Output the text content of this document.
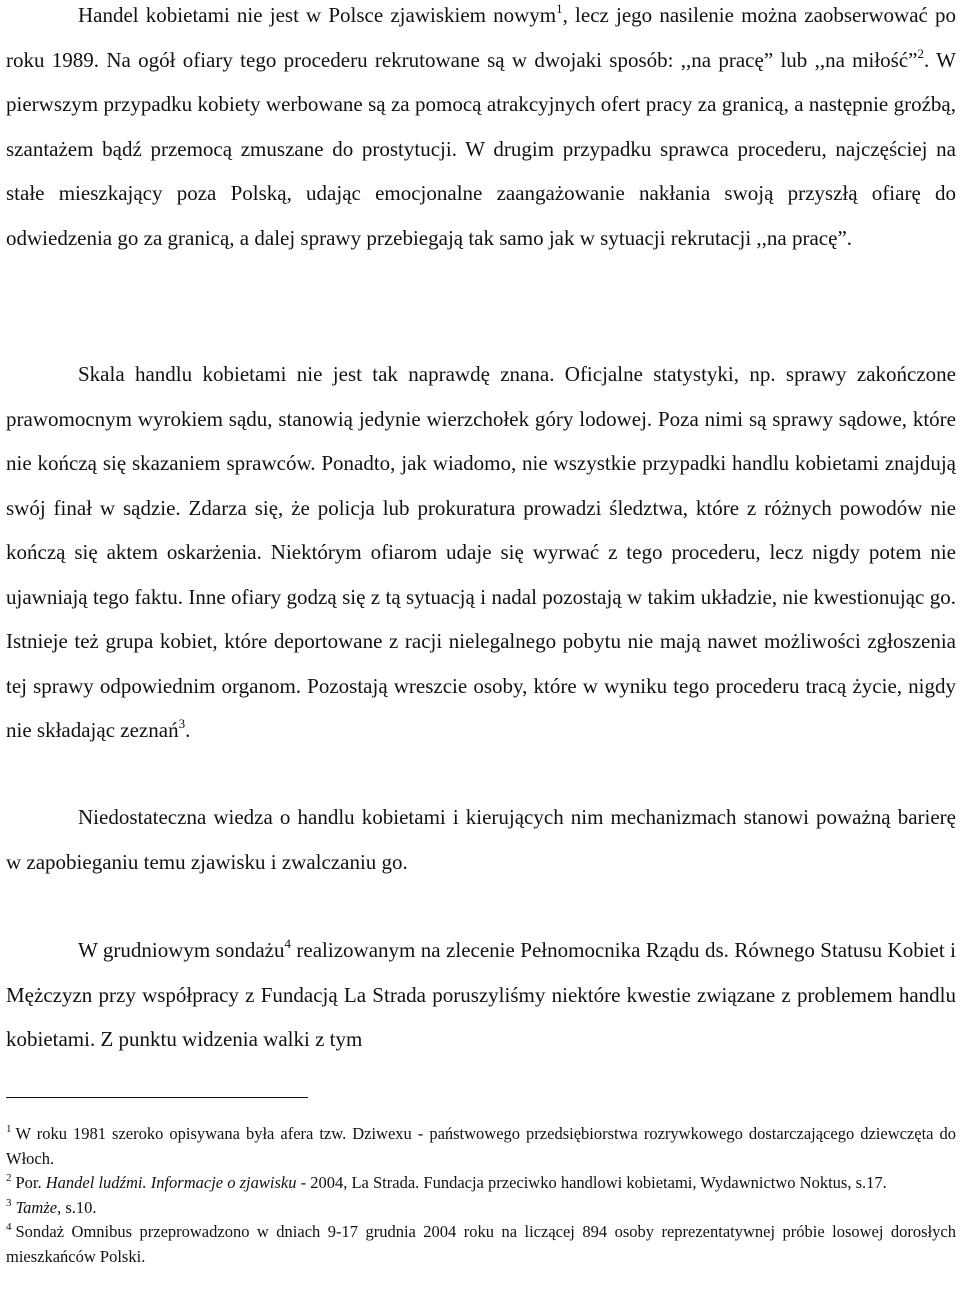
Handel kobietami nie jest w Polsce zjawiskiem nowym$^1$, lecz jego nasilenie można zaobserwować po roku 1989. Na ogół ofiary tego procederu rekrutowane są w dwojaki sposób: ,,na pracę” lub ,,na miłość”$^2$. W pierwszym przypadku kobiety werbowane są za pomocą atrakcyjnych ofert pracy za granicą, a następnie groźbą, szantażem bądź przemocą zmuszane do prostytucji. W drugim przypadku sprawca procederu, najczęściej na stałe mieszkający poza Polską, udając emocjonalne zaangażowanie nakłania swoją przyszłą ofiarę do odwiedzenia go za granicą, a dalej sprawy przebiegają tak samo jak w sytuacji rekrutacji ,,na pracę”.

Skala handlu kobietami nie jest tak naprawdę znana. Oficjalne statystyki, np. sprawy zakończone prawomocnym wyrokiem sądu, stanowią jedynie wierzchołek góry lodowej. Poza nimi są sprawy sądowe, które nie kończą się skazaniem sprawców. Ponadto, jak wiadomo, nie wszystkie przypadki handlu kobietami znajdują swój finał w sądzie. Zdarza się, że policja lub prokuratura prowadzi śledztwa, które z różnych powodów nie kończą się aktem oskarżenia. Niektórym ofiarom udaje się wyrwać z tego procederu, lecz nigdy potem nie ujawniają tego faktu. Inne ofiary godzą się z tą sytuacją i nadal pozostają w takim układzie, nie kwestionując go. Istnieje też grupa kobiet, które deportowane z racji nielegalnego pobytu nie mają nawet możliwości zgłoszenia tej sprawy odpowiednim organom. Pozostają wreszcie osoby, które w wyniku tego procederu tracą życie, nigdy nie składając zeznań$^3$.

Niedostateczna wiedza o handlu kobietami i kierujących nim mechanizmach stanowi poważną barierę w zapobieganiu temu zjawisku i zwalczaniu go.

W grudniowym sondażu$^4$ realizowanym na zlecenie Pełnomocnika Rządu ds. Równego Statusu Kobiet i Mężczyzn przy współpracy z Fundacją La Strada poruszyliśmy niektóre kwestie związane z problemem handlu kobietami. Z punktu widzenia walki z tym

$^1$ W roku 1981 szeroko opisywana była afera tzw. Dziwexu - państwowego przedsiębiorstwa rozrywkowego dostarczającego dziewczęta do Włoch.

$^2$ Por. Handel ludźmi. Informacje o zjawisku - 2004, La Strada. Fundacja przeciwko handlowi kobietami, Wydawnictwo Noktus, s.17.

$^3$ Tamże, s.10.

$^4$ Sondaż Omnibus przeprowadzono w dniach 9-17 grudnia 2004 roku na liczącej 894 osoby reprezentatywnej próbie losowej dorosłych mieszkańców Polski.
